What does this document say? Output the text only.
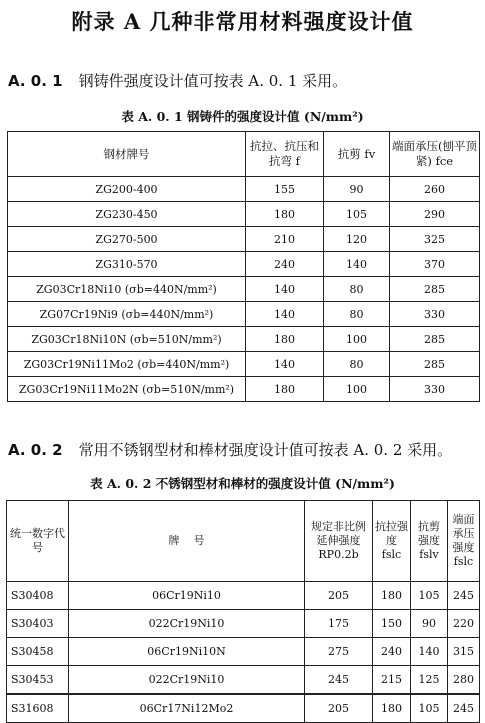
附录 A 几种非常用材料强度设计值
A. 0. 1 钢铸件强度设计值可按表 A. 0. 1 采用。
表 A. 0. 1 钢铸件的强度设计值 (N/mm²)
钢材牌号	抗拉、抗压和抗弯 f	抗剪 fv	端面承压(刨平顶紧) fce
ZG200-400	155	90	260
ZG230-450	180	105	290
ZG270-500	210	120	325
ZG310-570	240	140	370
ZG03Cr18Ni10 (σb=440N/mm²)	140	80	285
ZG07Cr19Ni9 (σb=440N/mm²)	140	80	330
ZG03Cr18Ni10N (σb=510N/mm²)	180	100	285
ZG03Cr19Ni11Mo2 (σb=440N/mm²)	140	80	285
ZG03Cr19Ni11Mo2N (σb=510N/mm²)	180	100	330
A. 0. 2 常用不锈钢型材和棒材强度设计值可按表 A. 0. 2 采用。
表 A. 0. 2 不锈钢型材和棒材的强度设计值 (N/mm²)
统一数字代号	牌    号	规定非比例延伸强度 RP0.2b	抗拉强度 fslc	抗剪强度 fslv	端面承压强度 fslc
S30408	06Cr19Ni10	205	180	105	245
S30403	022Cr19Ni10	175	150	90	220
S30458	06Cr19Ni10N	275	240	140	315
S30453	022Cr19Ni10	245	215	125	280
S31608	06Cr17Ni12Mo2	205	180	105	245
